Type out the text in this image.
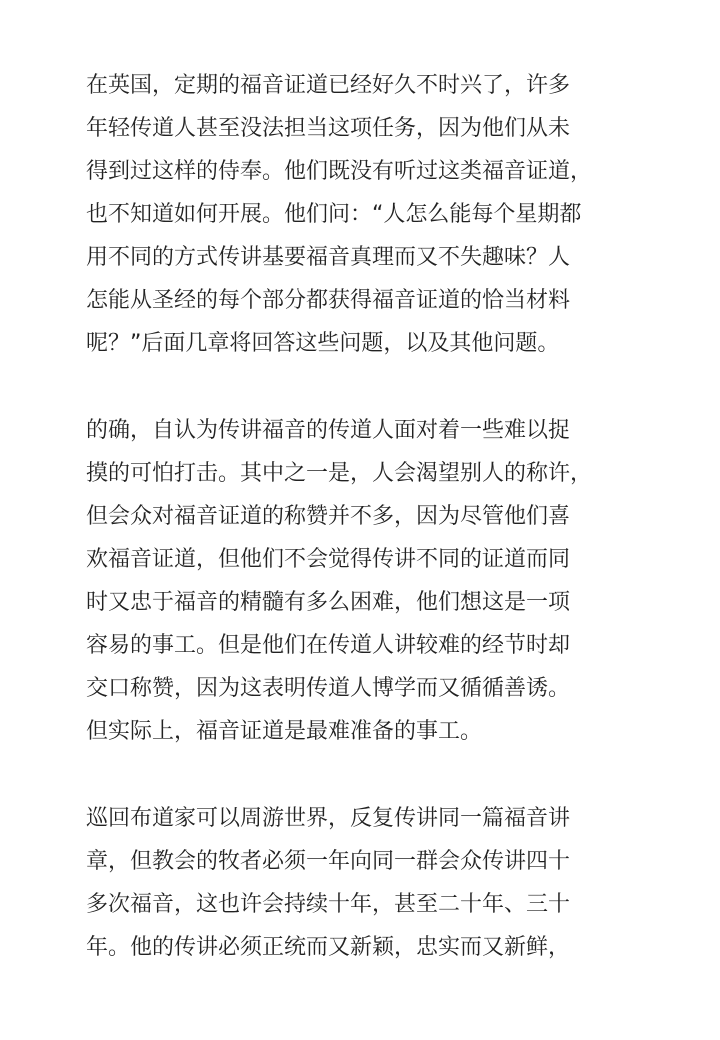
在英国，定期的福音证道已经好久不时兴了，许多
年轻传道人甚至没法担当这项任务，因为他们从未
得到过这样的侍奉。他们既没有听过这类福音证道，
也不知道如何开展。他们问：“人怎么能每个星期都
用不同的方式传讲基要福音真理而又不失趣味？人
怎能从圣经的每个部分都获得福音证道的恰当材料
呢？”后面几章将回答这些问题，以及其他问题。
的确，自认为传讲福音的传道人面对着一些难以捉
摸的可怕打击。其中之一是，人会渴望别人的称许，
但会众对福音证道的称赞并不多，因为尽管他们喜
欢福音证道，但他们不会觉得传讲不同的证道而同
时又忠于福音的精髓有多么困难，他们想这是一项
容易的事工。但是他们在传道人讲较难的经节时却
交口称赞，因为这表明传道人博学而又循循善诱。
但实际上，福音证道是最难准备的事工。
巡回布道家可以周游世界，反复传讲同一篇福音讲
章，但教会的牧者必须一年向同一群会众传讲四十
多次福音，这也许会持续十年，甚至二十年、三十
年。他的传讲必须正统而又新颖，忠实而又新鲜，
